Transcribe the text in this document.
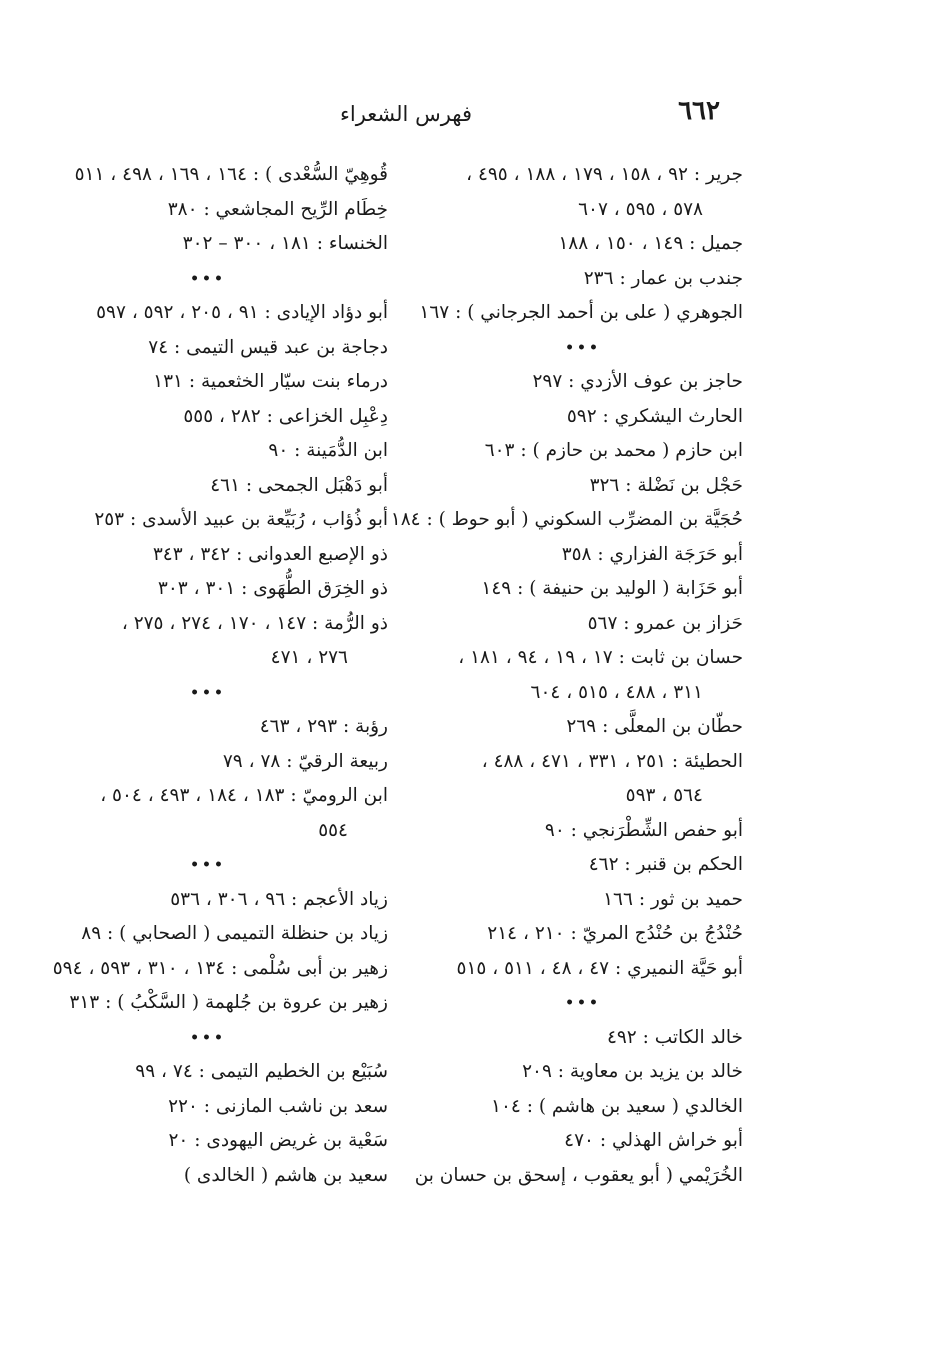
٦٦٢
فهرس الشعراء
جرير : ٩٢ ، ١٥٨ ، ١٧٩ ، ١٨٨ ، ٤٩٥ ،
٥٧٨ ، ٥٩٥ ، ٦٠٧
جميل : ١٤٩ ، ١٥٠ ، ١٨٨
جندب بن عمار : ٢٣٦
الجوهري ( على بن أحمد الجرجاني ) : ١٦٧
•••
حاجز بن عوف الأزدي : ٢٩٧
الحارث اليشكري : ٥٩٢
ابن حازم ( محمد بن حازم ) : ٦٠٣
حَجْل بن نَضْلة : ٣٢٦
حُجَيَّة بن المضرِّب السكوني ( أبو حوط ) : ١٨٤
أبو حَرَجَة الفزاري : ٣٥٨
أبو حَزَابة ( الوليد بن حنيفة ) : ١٤٩
حَزاز بن عمرو : ٥٦٧
حسان بن ثابت : ١٧ ، ١٩ ، ٩٤ ، ١٨١ ،
٣١١ ، ٤٨٨ ، ٥١٥ ، ٦٠٤
حطّان بن المعلَّى : ٢٦٩
الحطيئة : ٢٥١ ، ٣٣١ ، ٤٧١ ، ٤٨٨ ،
٥٦٤ ، ٥٩٣
أبو حفص الشِّطْرَنجي : ٩٠
الحكم بن قنبر : ٤٦٢
حميد بن ثور : ١٦٦
حُنْدُجُ بن حُنْدُج المريّ : ٢١٠ ، ٢١٤
أبو حَيَّة النميري : ٤٧ ، ٤٨ ، ٥١١ ، ٥١٥
•••
خالد الكاتب : ٤٩٢
خالد بن يزيد بن معاوية : ٢٠٩
الخالدي ( سعيد بن هاشم ) : ١٠٤
أبو خراش الهذلي : ٤٧٠
الخُرَيْمي ( أبو يعقوب ، إسحق بن حسان بن
قُوهِيّ السُّعْدى ) : ١٦٤ ، ١٦٩ ، ٤٩٨ ، ٥١١
خِطَام الرِّيح المجاشعي : ٣٨٠
الخنساء : ١٨١ ، ٣٠٠ – ٣٠٢
•••
أبو دؤاد الإيادى : ٩١ ، ٢٠٥ ، ٥٩٢ ، ٥٩٧
دجاجة بن عبد قيس التيمى : ٧٤
درماء بنت سيّار الخثعمية : ١٣١
دِعْبِل الخزاعى : ٢٨٢ ، ٥٥٥
ابن الدُّمَينة : ٩٠
أبو دَهْبَل الجمحى : ٤٦١
أبو ذُؤاب ، رُبَيِّعة بن عبيد الأسدى : ٢٥٣
ذو الإصبع العدوانى : ٣٤٢ ، ٣٤٣
ذو الخِرَق الطُّهَوى : ٣٠١ ، ٣٠٣
ذو الرُّمة : ١٤٧ ، ١٧٠ ، ٢٧٤ ، ٢٧٥ ،
٢٧٦ ، ٤٧١
•••
رؤبة : ٢٩٣ ، ٤٦٣
ربيعة الرقيّ : ٧٨ ، ٧٩
ابن الروميّ : ١٨٣ ، ١٨٤ ، ٤٩٣ ، ٥٠٤ ،
٥٥٤
•••
زياد الأعجم : ٩٦ ، ٣٠٦ ، ٥٣٦
زياد بن حنظلة التميمى ( الصحابي ) : ٨٩
زهير بن أبى سُلْمى : ١٣٤ ، ٣١٠ ، ٥٩٣ ، ٥٩٤
زهير بن عروة بن جُلهمة ( السَّكْبُ ) : ٣١٣
•••
سُبَيْع بن الخطيم التيمى : ٧٤ ، ٩٩
سعد بن ناشب المازنى : ٢٢٠
سَعْية بن غريض اليهودى : ٢٠
سعيد بن هاشم ( الخالدى )
